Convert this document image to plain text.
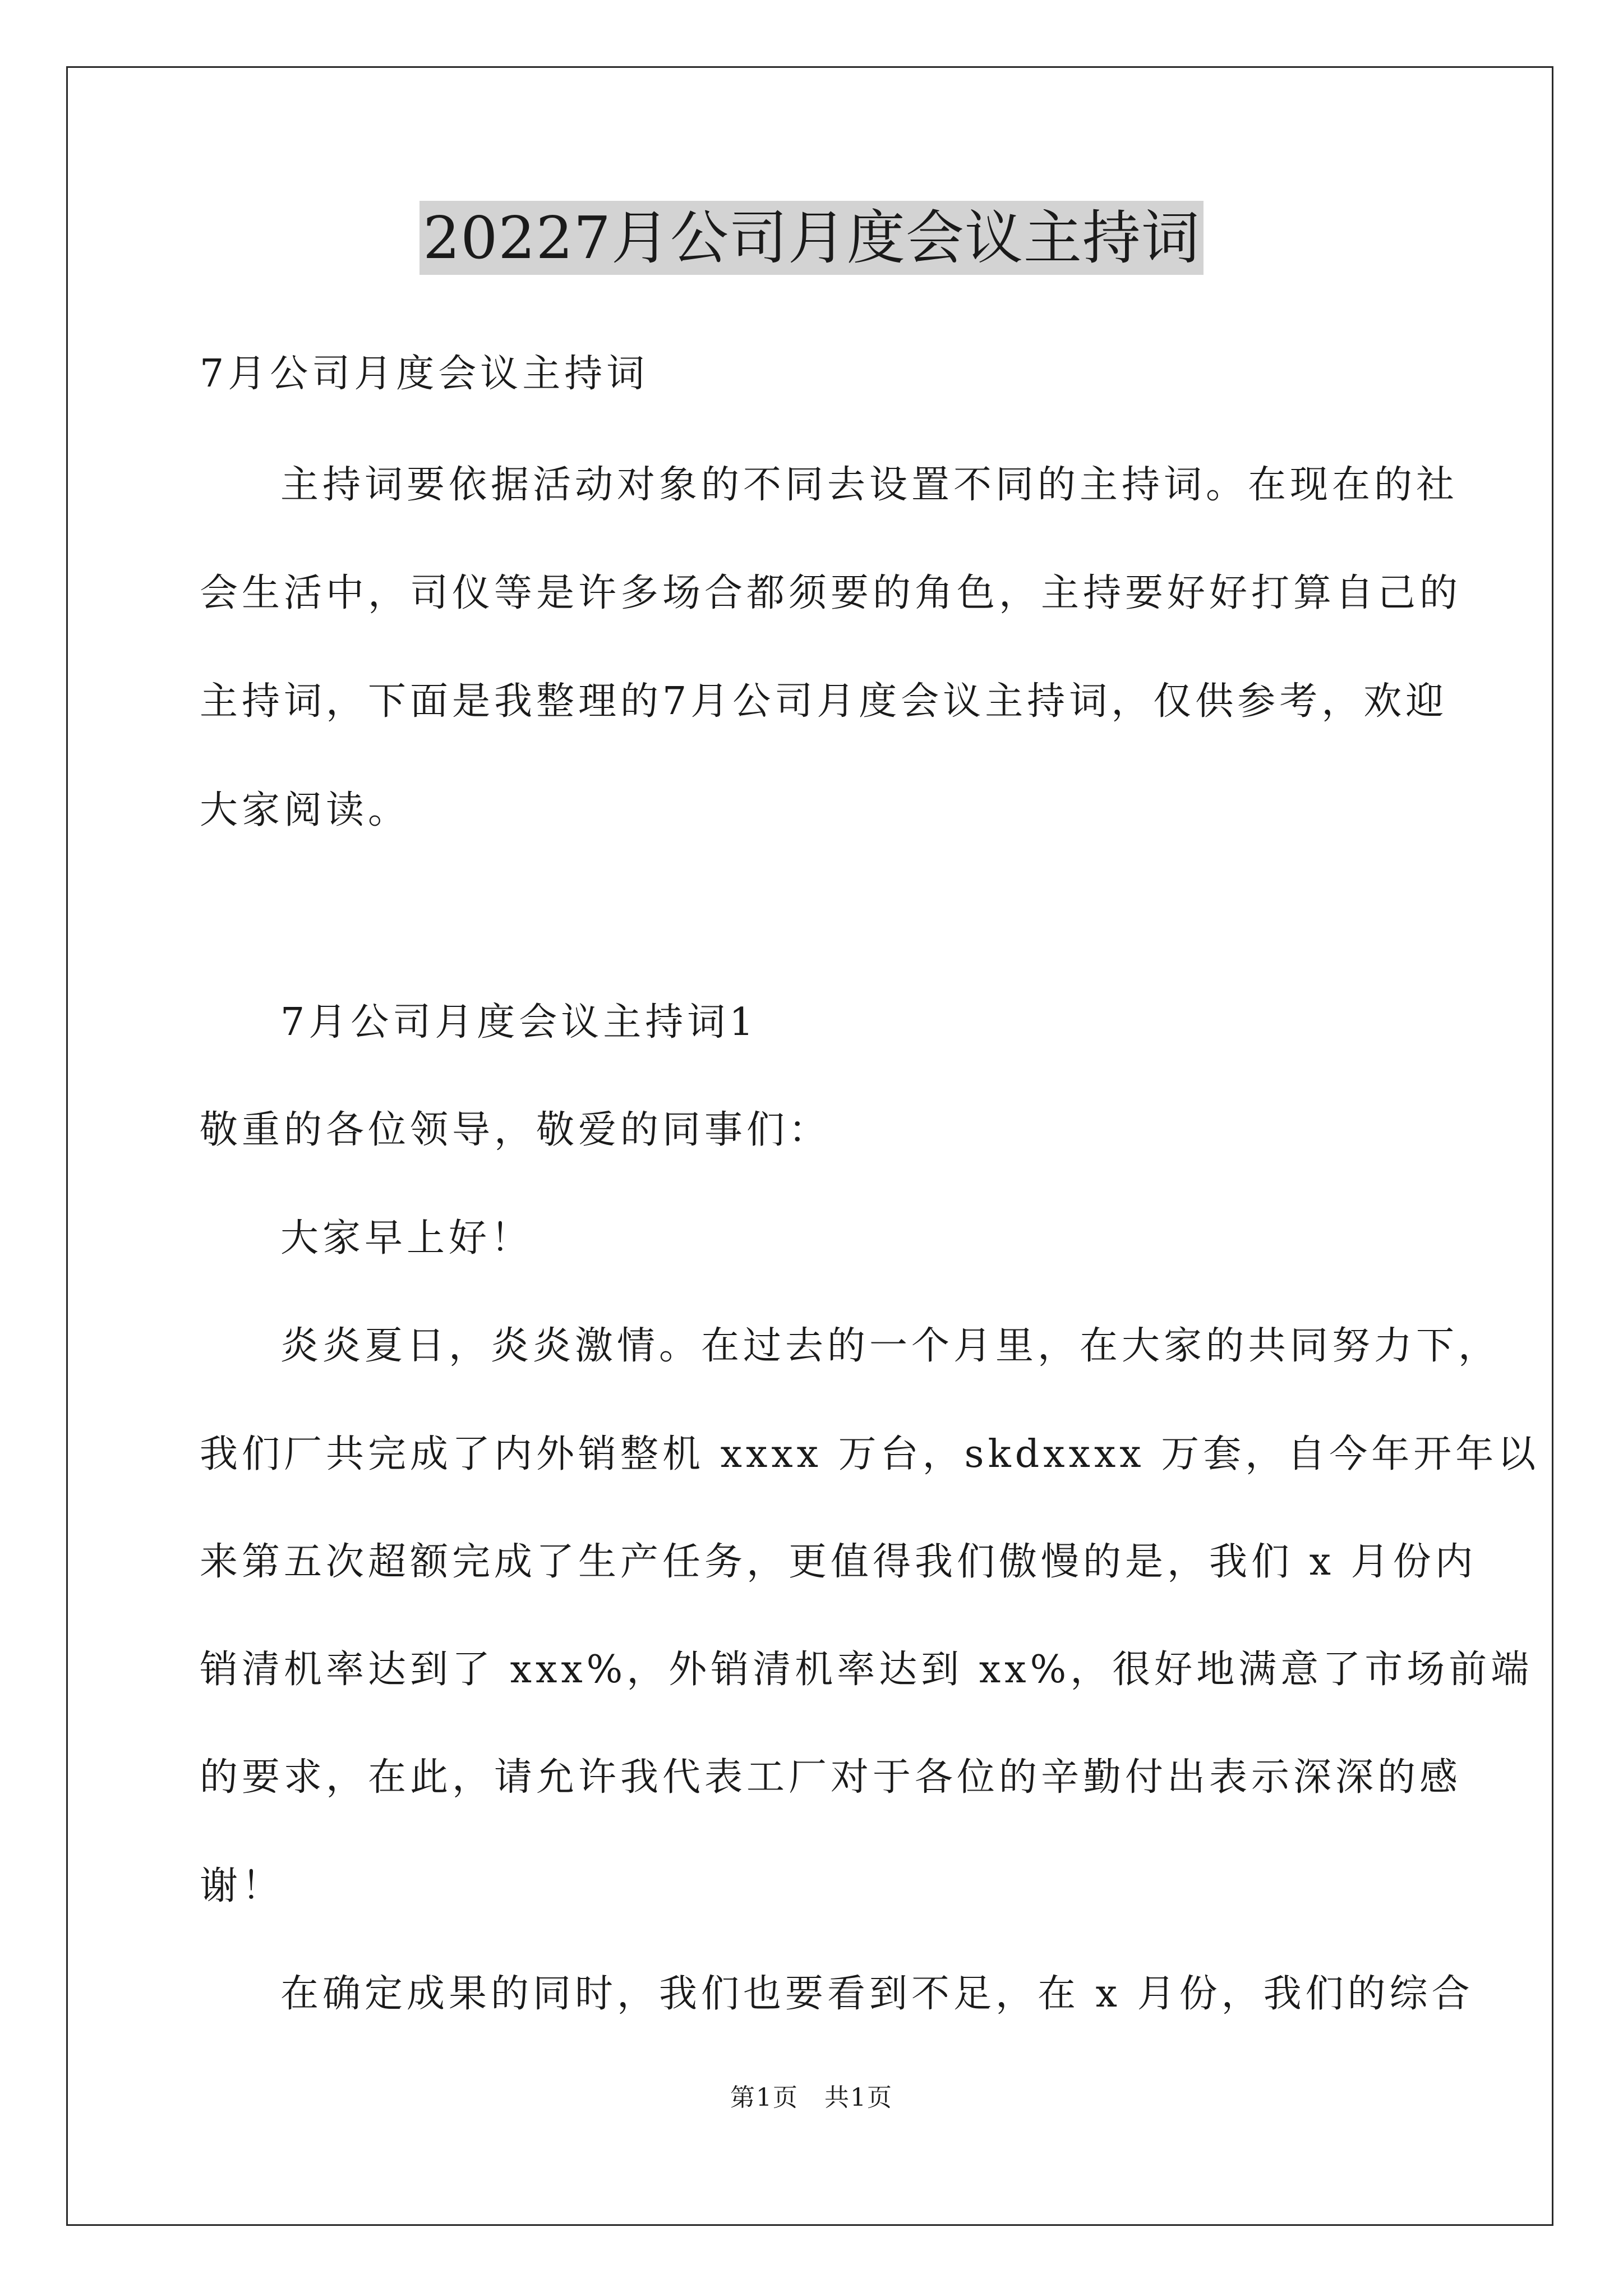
20227月公司月度会议主持词
7月公司月度会议主持词
主持词要依据活动对象的不同去设置不同的主持词。在现在的社
会生活中，司仪等是许多场合都须要的角色，主持要好好打算自己的
主持词，下面是我整理的7月公司月度会议主持词，仅供参考，欢迎
大家阅读。
7月公司月度会议主持词1
敬重的各位领导，敬爱的同事们：
大家早上好！
炎炎夏日，炎炎激情。在过去的一个月里，在大家的共同努力下，
我们厂共完成了内外销整机 xxxx 万台，skdxxxx 万套，自今年开年以
来第五次超额完成了生产任务，更值得我们傲慢的是，我们 x 月份内
销清机率达到了 xxx%，外销清机率达到 xx%，很好地满意了市场前端
的要求，在此，请允许我代表工厂对于各位的辛勤付出表示深深的感
谢！
在确定成果的同时，我们也要看到不足，在 x 月份，我们的综合
第1页　共1页
